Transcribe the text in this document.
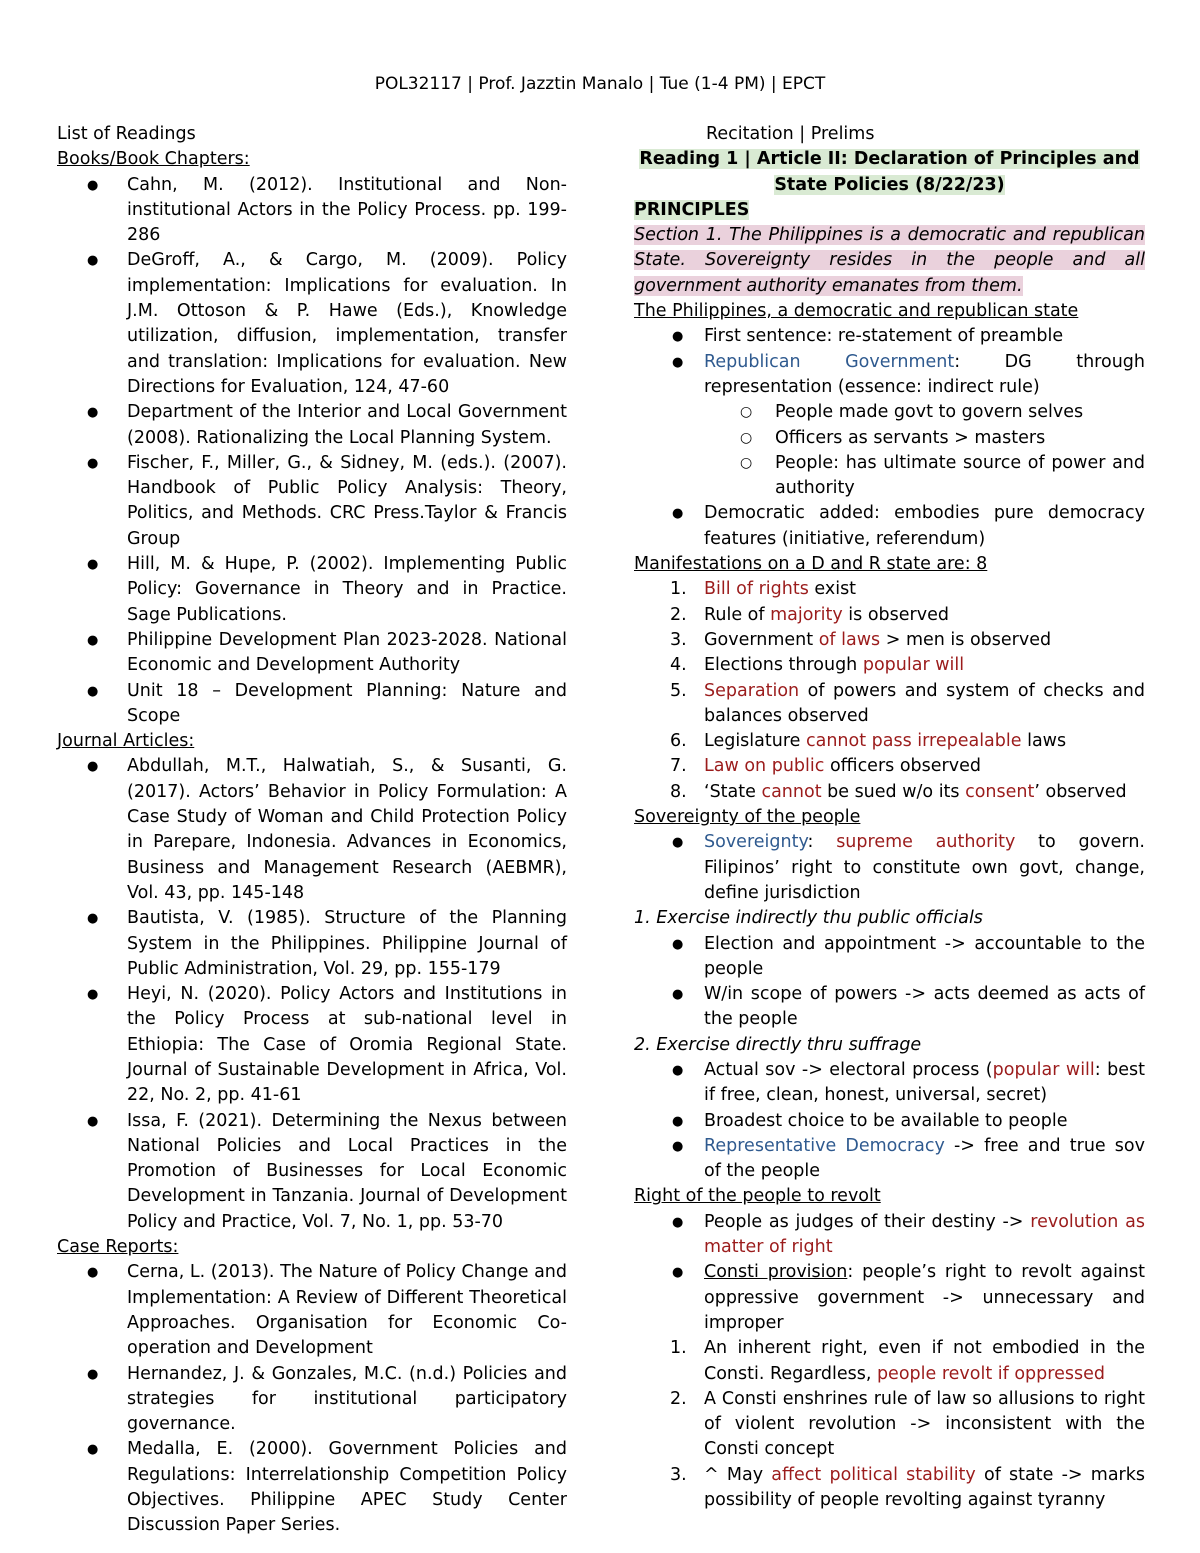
POL32117 | Prof. Jazztin Manalo | Tue (1-4 PM) | EPCT
List of Readings
Books/Book Chapters:
● Cahn, M. (2012). Institutional and Non-institutional Actors in the Policy Process. pp. 199-286
● DeGroff, A., & Cargo, M. (2009). Policy implementation: Implications for evaluation. In J.M. Ottoson & P. Hawe (Eds.), Knowledge utilization, diffusion, implementation, transfer and translation: Implications for evaluation. New Directions for Evaluation, 124, 47-60
● Department of the Interior and Local Government (2008). Rationalizing the Local Planning System.
● Fischer, F., Miller, G., & Sidney, M. (eds.). (2007). Handbook of Public Policy Analysis: Theory, Politics, and Methods. CRC Press.Taylor & Francis Group
● Hill, M. & Hupe, P. (2002). Implementing Public Policy: Governance in Theory and in Practice. Sage Publications.
● Philippine Development Plan 2023-2028. National Economic and Development Authority
● Unit 18 – Development Planning: Nature and Scope
Journal Articles:
● Abdullah, M.T., Halwatiah, S., & Susanti, G. (2017). Actors’ Behavior in Policy Formulation: A Case Study of Woman and Child Protection Policy in Parepare, Indonesia. Advances in Economics, Business and Management Research (AEBMR), Vol. 43, pp. 145-148
● Bautista, V. (1985). Structure of the Planning System in the Philippines. Philippine Journal of Public Administration, Vol. 29, pp. 155-179
● Heyi, N. (2020). Policy Actors and Institutions in the Policy Process at sub-national level in Ethiopia: The Case of Oromia Regional State. Journal of Sustainable Development in Africa, Vol. 22, No. 2, pp. 41-61
● Issa, F. (2021). Determining the Nexus between National Policies and Local Practices in the Promotion of Businesses for Local Economic Development in Tanzania. Journal of Development Policy and Practice, Vol. 7, No. 1, pp. 53-70
Case Reports:
● Cerna, L. (2013). The Nature of Policy Change and Implementation: A Review of Different Theoretical Approaches. Organisation for Economic Co-operation and Development
● Hernandez, J. & Gonzales, M.C. (n.d.) Policies and strategies for institutional participatory governance.
● Medalla, E. (2000). Government Policies and Regulations: Interrelationship Competition Policy Objectives. Philippine APEC Study Center Discussion Paper Series.
Recitation | Prelims
Reading 1 | Article II: Declaration of Principles and
State Policies (8/22/23)
PRINCIPLES
Section 1. The Philippines is a democratic and republican State. Sovereignty resides in the people and all government authority emanates from them.
The Philippines, a democratic and republican state
● First sentence: re-statement of preamble
● Republican Government: DG through representation (essence: indirect rule)
○ People made govt to govern selves
○ Officers as servants > masters
○ People: has ultimate source of power and authority
● Democratic added: embodies pure democracy features (initiative, referendum)
Manifestations on a D and R state are: 8
1. Bill of rights exist
2. Rule of majority is observed
3. Government of laws > men is observed
4. Elections through popular will
5. Separation of powers and system of checks and balances observed
6. Legislature cannot pass irrepealable laws
7. Law on public officers observed
8. ‘State cannot be sued w/o its consent’ observed
Sovereignty of the people
● Sovereignty: supreme authority to govern. Filipinos’ right to constitute own govt, change, define jurisdiction
1. Exercise indirectly thu public officials
● Election and appointment -> accountable to the people
● W/in scope of powers -> acts deemed as acts of the people
2. Exercise directly thru suffrage
● Actual sov -> electoral process (popular will: best if free, clean, honest, universal, secret)
● Broadest choice to be available to people
● Representative Democracy -> free and true sov of the people
Right of the people to revolt
● People as judges of their destiny -> revolution as matter of right
● Consti provision: people’s right to revolt against oppressive government -> unnecessary and improper
1. An inherent right, even if not embodied in the Consti. Regardless, people revolt if oppressed
2. A Consti enshrines rule of law so allusions to right of violent revolution -> inconsistent with the Consti concept
3. ^ May affect political stability of state -> marks possibility of people revolting against tyranny
